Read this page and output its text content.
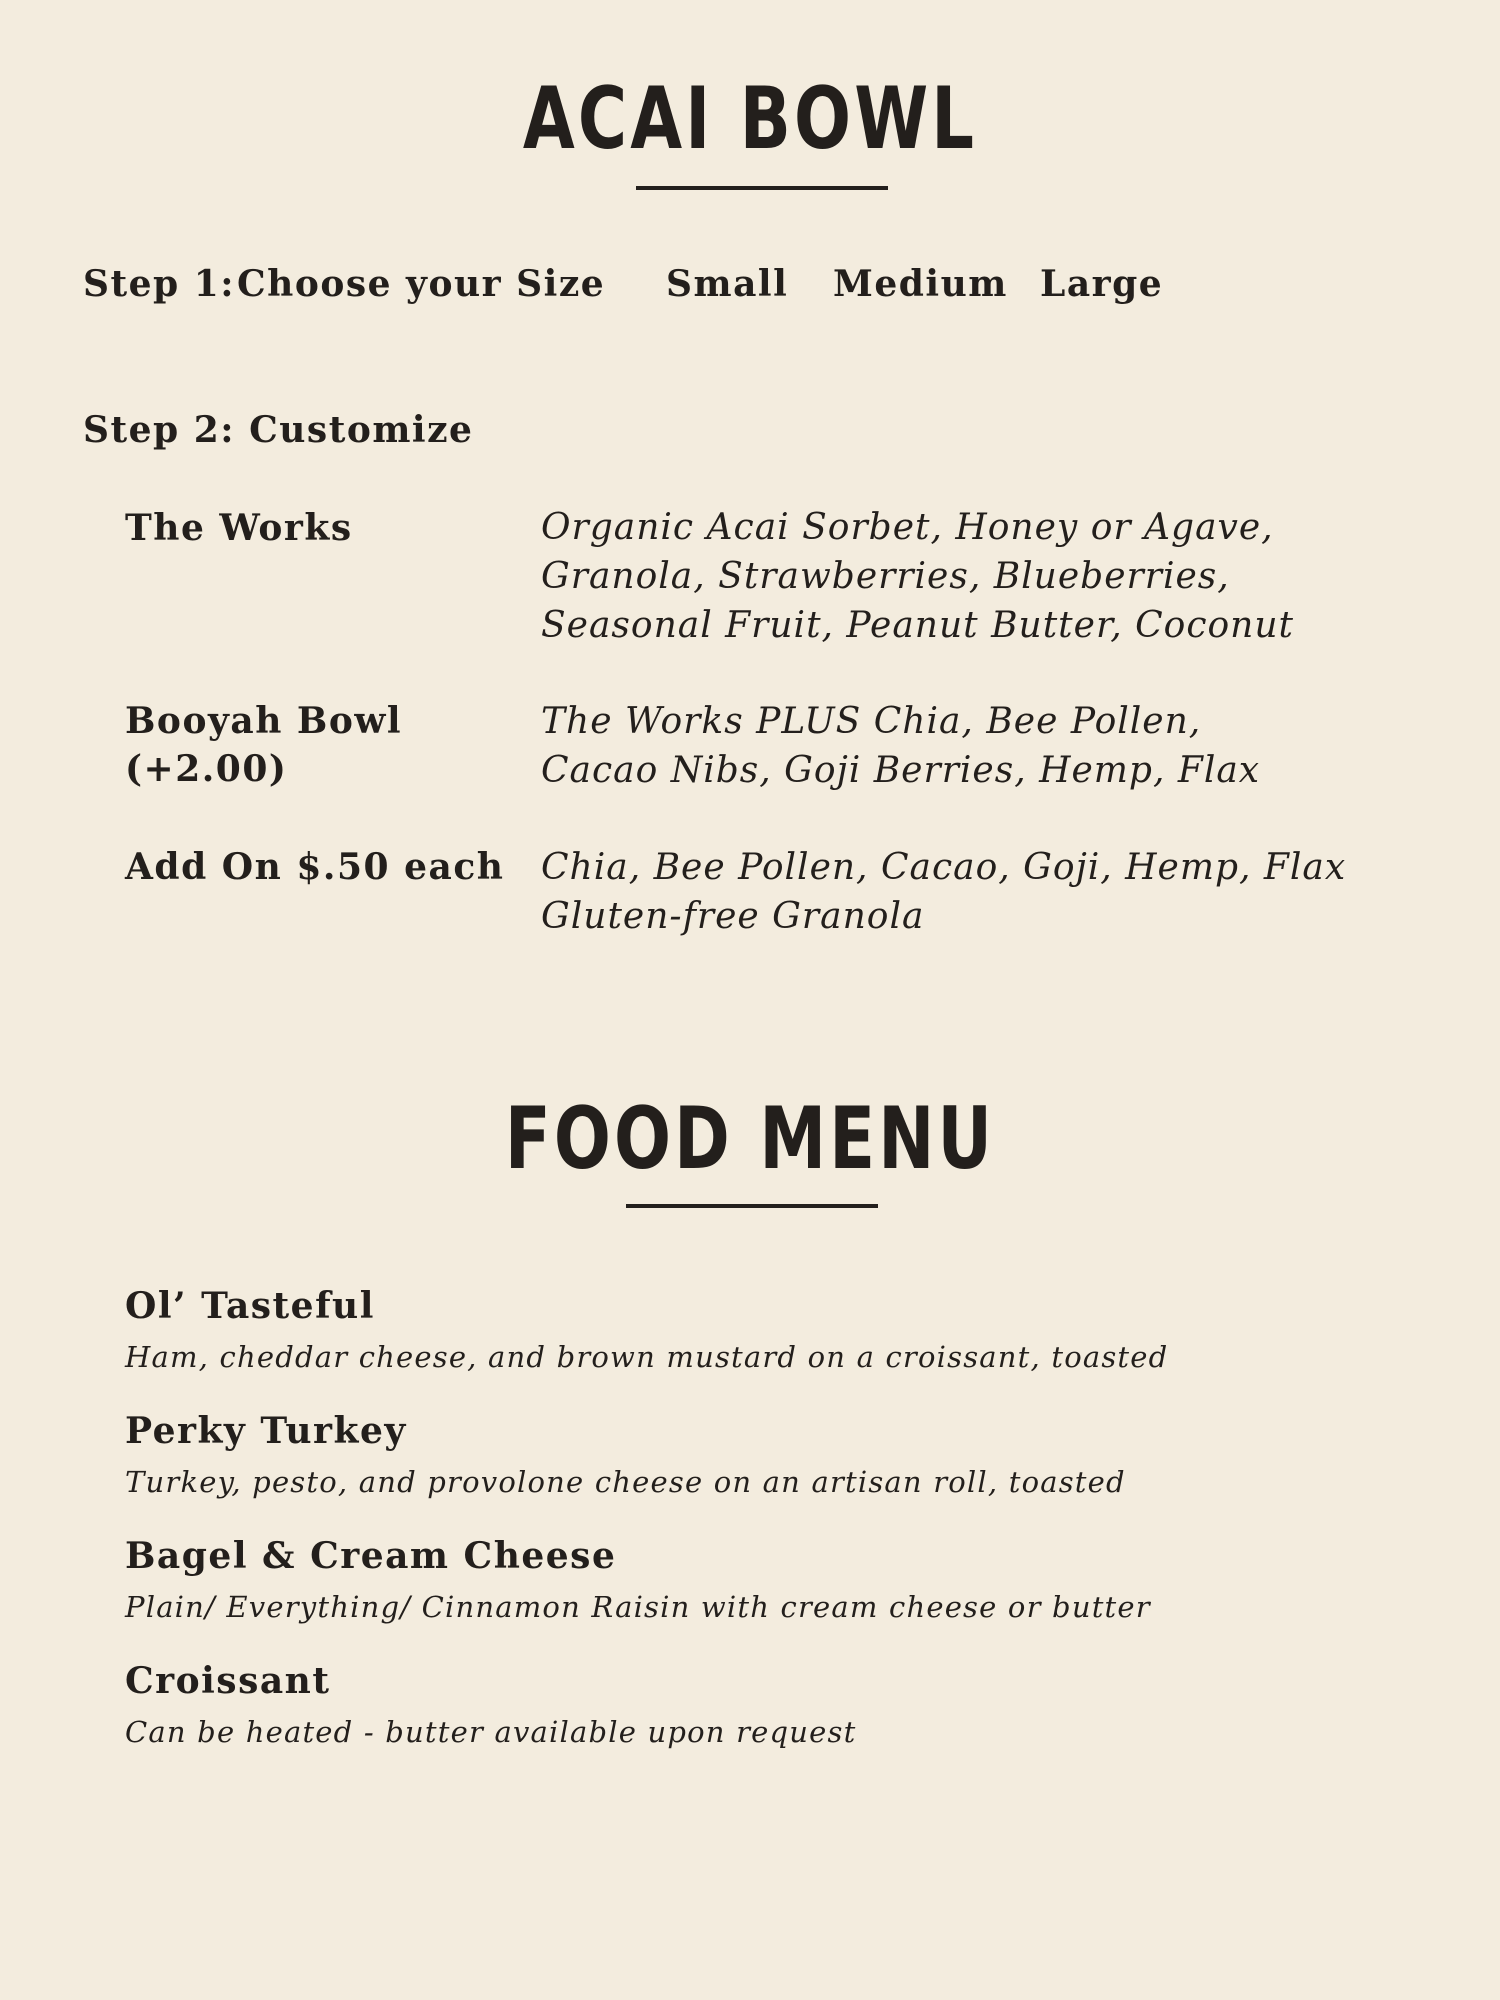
ACAI BOWL
Step 1: Choose your Size Small Medium Large
Step 2: Customize
The Works	Organic Acai Sorbet, Honey or Agave,
Granola, Strawberries, Blueberries,
Seasonal Fruit, Peanut Butter, Coconut
Booyah Bowl
(+2.00)
The Works PLUS Chia, Bee Pollen,
Cacao Nibs, Goji Berries, Hemp, Flax
Add On $.50 each Chia, Bee Pollen, Cacao, Goji, Hemp, Flax
Gluten-free Granola
FOOD MENU
Ol’ Tasteful
Ham, cheddar cheese, and brown mustard on a croissant, toasted
Perky Turkey
Turkey, pesto, and provolone cheese on an artisan roll, toasted
Bagel & Cream Cheese
Plain/ Everything/ Cinnamon Raisin with cream cheese or butter
Croissant
Can be heated - butter available upon request
